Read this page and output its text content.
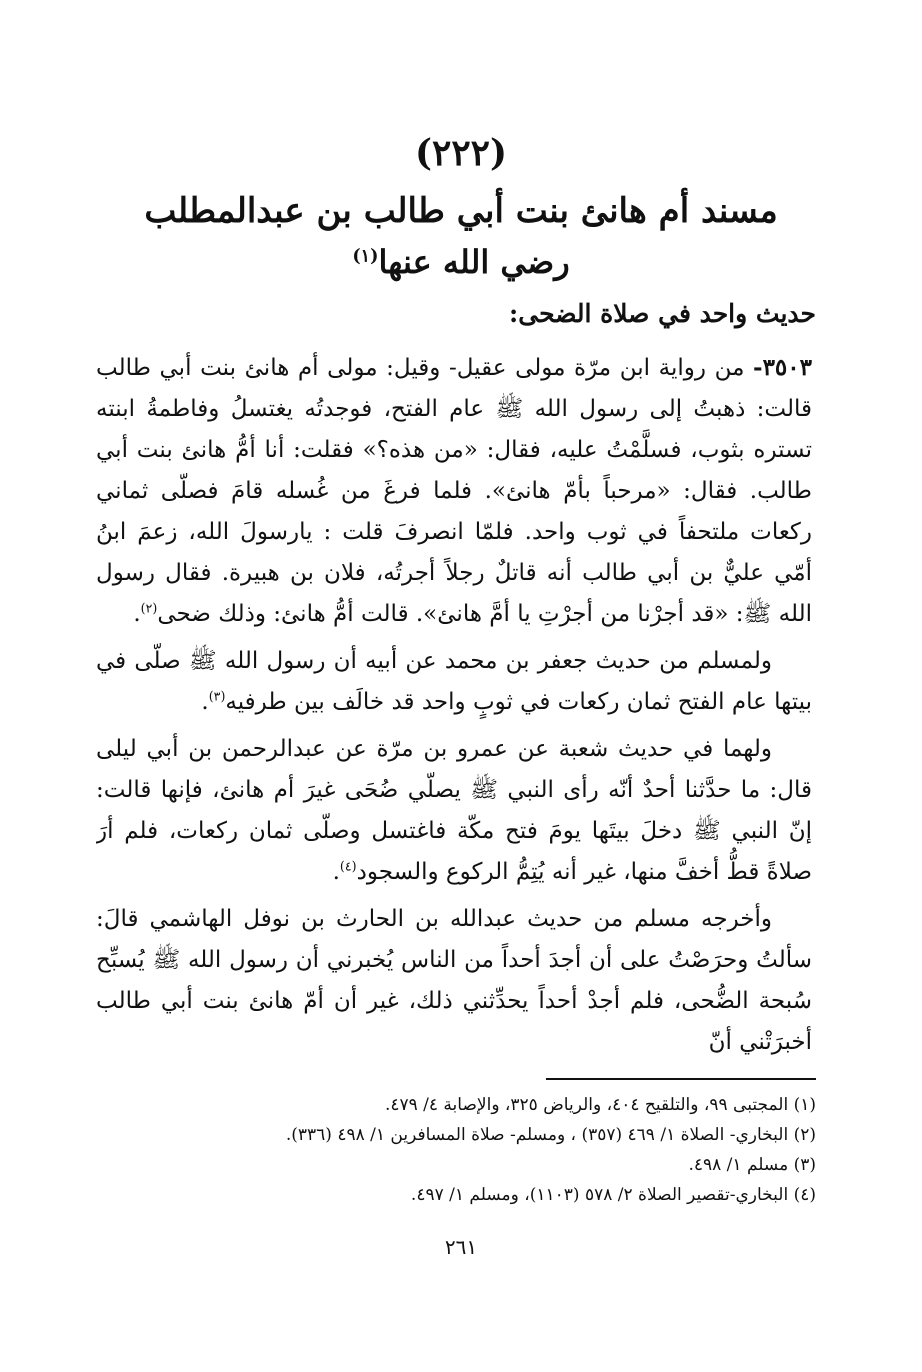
(٢٢٢)
مسند أم هانئ بنت أبي طالب بن عبدالمطلب
رضي الله عنها$^{(١)}$
حديث واحد في صلاة الضحى:

٣٥٠٣- من رواية ابن مرّة مولى عقيل- وقيل: مولى أم هانئ بنت أبي طالب قالت: ذهبتُ إلى رسول الله ﷺ عام الفتح، فوجدتُه يغتسلُ وفاطمةُ ابنته تستره بثوب، فسلَّمْتُ عليه، فقال: «من هذه؟» فقلت: أنا أمُّ هانئ بنت أبي طالب. فقال: «مرحباً بأمّ هانئ». فلما فرغَ من غُسله قامَ فصلّى ثماني ركعات ملتحفاً في ثوب واحد. فلمّا انصرفَ قلت : يارسولَ الله، زعمَ ابنُ أمّي عليٌّ بن أبي طالب أنه قاتلٌ رجلاً أجرتُه، فلان بن هبيرة. فقال رسول الله ﷺ: «قد أجرْنا من أجرْتِ يا أمَّ هانئ». قالت أمُّ هانئ: وذلك ضحى$^{(٢)}$.

ولمسلم من حديث جعفر بن محمد عن أبيه أن رسول الله ﷺ صلّى في بيتها عام الفتح ثمان ركعات في ثوبٍ واحد قد خالَف بين طرفيه$^{(٣)}$.

ولهما في حديث شعبة عن عمرو بن مرّة عن عبدالرحمن بن أبي ليلى قال: ما حدَّثنا أحدٌ أنّه رأى النبي ﷺ يصلّي ضُحَى غيرَ أم هانئ، فإنها قالت: إنّ النبي ﷺ دخلَ بيتَها يومَ فتح مكّة فاغتسل وصلّى ثمان ركعات، فلم أرَ صلاةً قطُّ أخفَّ منها، غير أنه يُتِمُّ الركوع والسجود$^{(٤)}$.

وأخرجه مسلم من حديث عبدالله بن الحارث بن نوفل الهاشمي قالَ: سألتُ وحرَصْتُ على أن أجدَ أحداً من الناس يُخبرني أن رسول الله ﷺ يُسبِّح سُبحة الضُّحى، فلم أجدْ أحداً يحدِّثني ذلك، غير أن أمّ هانئ بنت أبي طالب أخبرَتْني أنّ

(١) المجتبى ٩٩، والتلقيح ٤٠٤، والرياض ٣٢٥، والإصابة ٤/ ٤٧٩.

(٢) البخاري- الصلاة ١/ ٤٦٩ (٣٥٧) ، ومسلم- صلاة المسافرين ١/ ٤٩٨ (٣٣٦).

(٣) مسلم ١/ ٤٩٨.

(٤) البخاري-تقصير الصلاة ٢/ ٥٧٨ (١١٠٣)، ومسلم ١/ ٤٩٧.

٢٦١
